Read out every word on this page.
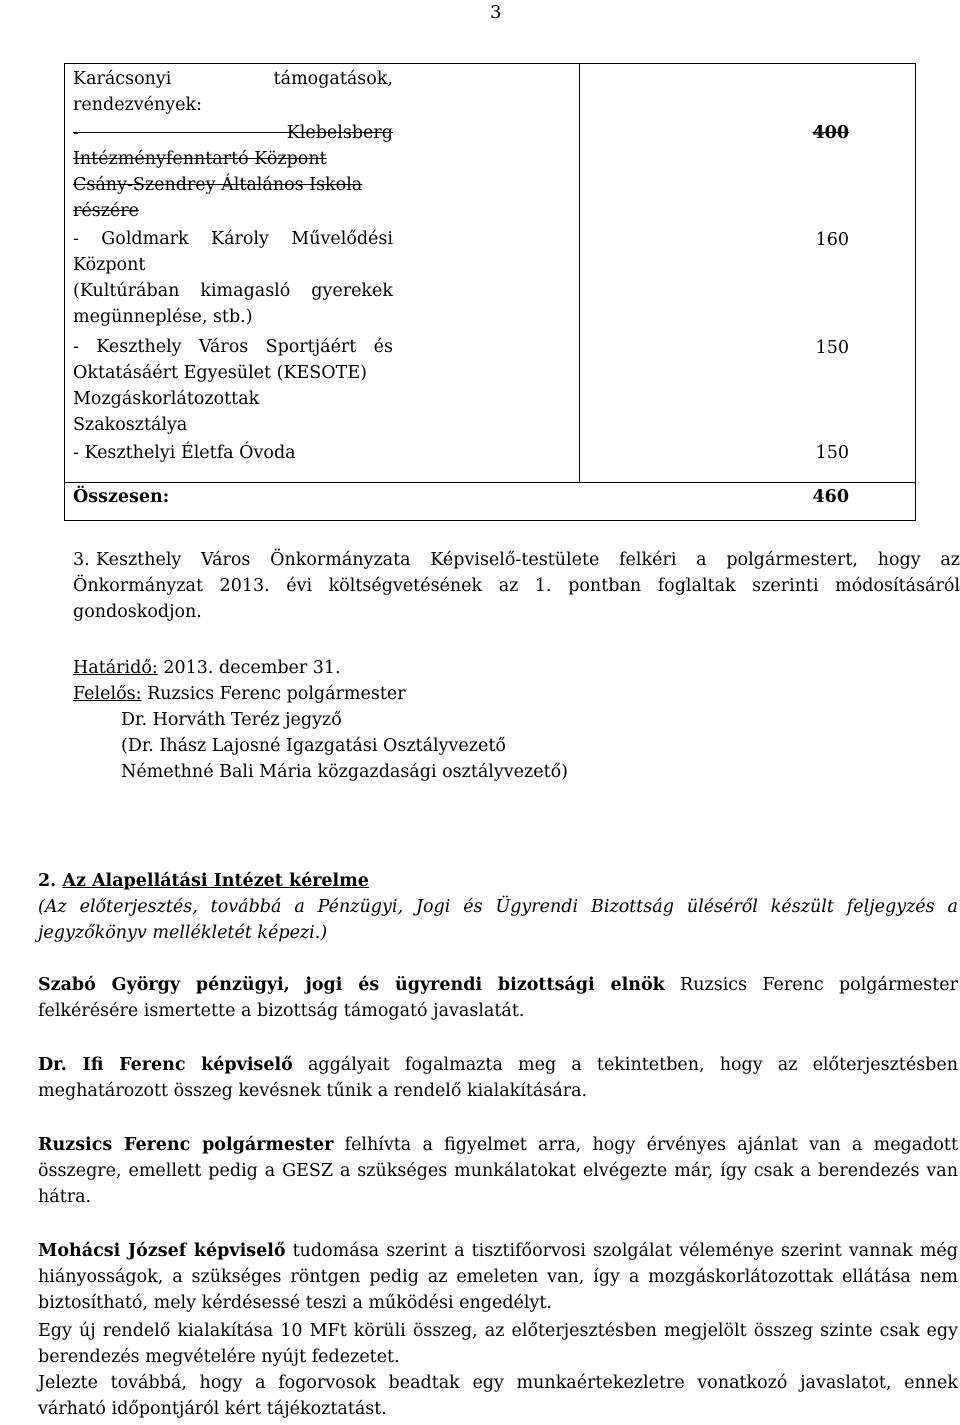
3
Karácsonyi támogatások,
rendezvények:
- Klebelsberg
Intézményfenntartó Központ
Csány-Szendrey Általános Iskola
részére
400
- Goldmark Károly Művelődési
Központ
(Kultúrában kimagasló gyerekek
megünneplése, stb.)
160
- Keszthely Város Sportjáért és
Oktatásáért Egyesület (KESOTE)
Mozgáskorlátozottak
Szakosztálya
150
- Keszthelyi Életfa Óvoda	150
Összesen:	460
3. Keszthely Város Önkormányzata Képviselő-testülete felkéri a polgármestert, hogy az
Önkormányzat 2013. évi költségvetésének az 1. pontban foglaltak szerinti módosításáról
gondoskodjon.
Határidő: 2013. december 31.
Felelős: Ruzsics Ferenc polgármester
Dr. Horváth Teréz jegyző
(Dr. Ihász Lajosné Igazgatási Osztályvezető
Némethné Bali Mária közgazdasági osztályvezető)
2. Az Alapellátási Intézet kérelme
(Az előterjesztés, továbbá a Pénzügyi, Jogi és Ügyrendi Bizottság üléséről készült feljegyzés a
jegyzőkönyv mellékletét képezi.)
Szabó György pénzügyi, jogi és ügyrendi bizottsági elnök Ruzsics Ferenc polgármester felkérésére ismertette a bizottság támogató javaslatát.
Dr. Ifi Ferenc képviselő aggályait fogalmazta meg a tekintetben, hogy az előterjesztésben meghatározott összeg kevésnek tűnik a rendelő kialakítására.
Ruzsics Ferenc polgármester felhívta a figyelmet arra, hogy érvényes ajánlat van a megadott összegre, emellett pedig a GESZ a szükséges munkálatokat elvégezte már, így csak a berendezés van hátra.
Mohácsi József képviselő tudomása szerint a tisztifőorvosi szolgálat véleménye szerint vannak még hiányosságok, a szükséges röntgen pedig az emeleten van, így a mozgáskorlátozottak ellátása nem biztosítható, mely kérdésessé teszi a működési engedélyt.
Egy új rendelő kialakítása 10 MFt körüli összeg, az előterjesztésben megjelölt összeg szinte csak egy berendezés megvételére nyújt fedezetet.
Jelezte továbbá, hogy a fogorvosok beadtak egy munkaértekezletre vonatkozó javaslatot, ennek várható időpontjáról kért tájékoztatást.
